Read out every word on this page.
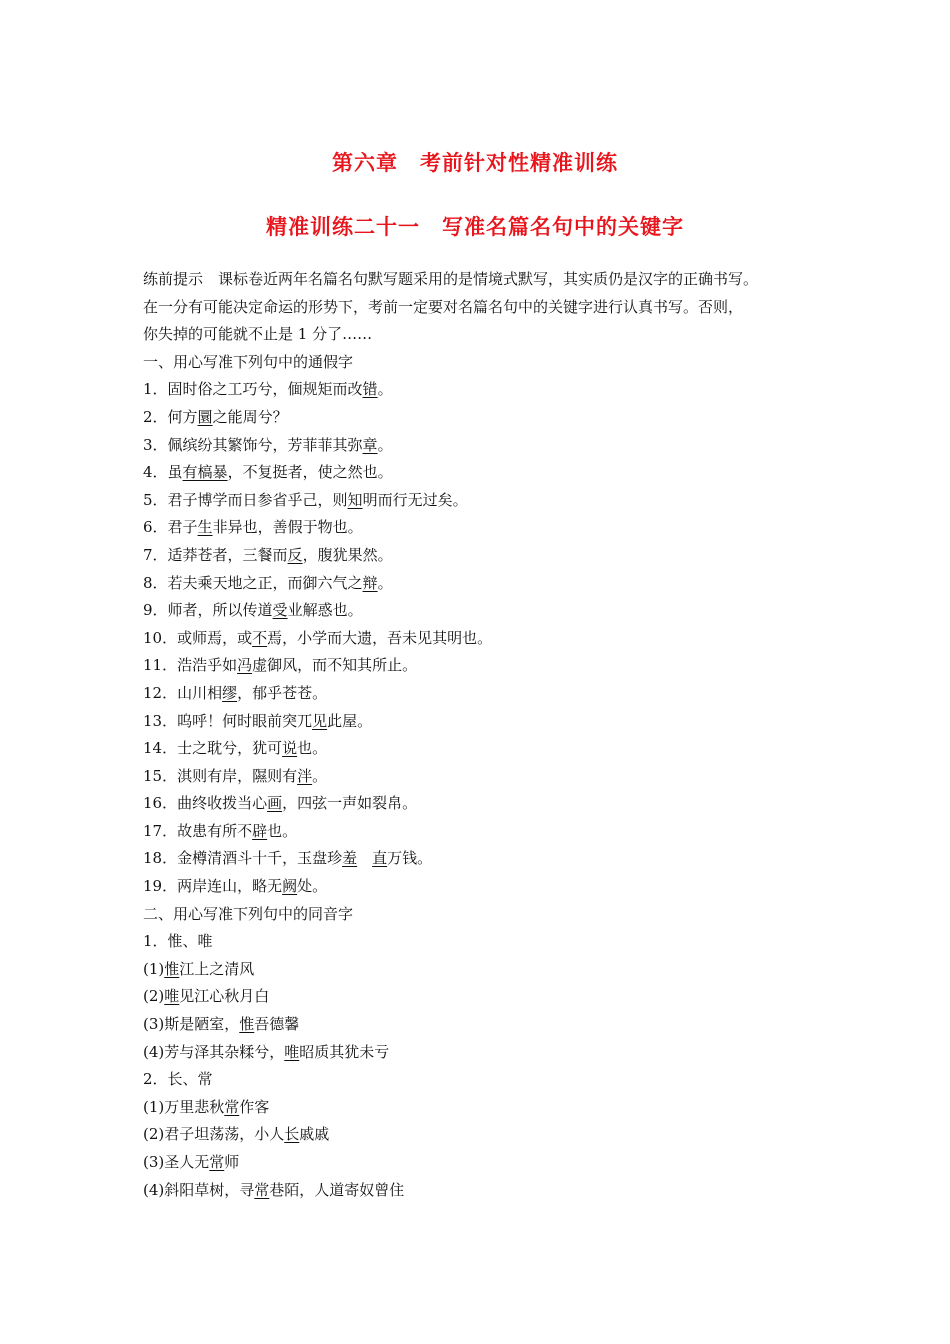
第六章　考前针对性精准训练
精准训练二十一　写准名篇名句中的关键字
练前提示　课标卷近两年名篇名句默写题采用的是情境式默写，其实质仍是汉字的正确书写。
在一分有可能决定命运的形势下，考前一定要对名篇名句中的关键字进行认真书写。否则，
你失掉的可能就不止是 1 分了……
一、用心写准下列句中的通假字
1．固时俗之工巧兮，偭规矩而改错。
2．何方圜之能周兮？
3．佩缤纷其繁饰兮，芳菲菲其弥章。
4．虽有槁暴，不复挺者，使之然也。
5．君子博学而日参省乎己，则知明而行无过矣。
6．君子生非异也，善假于物也。
7．适莽苍者，三餐而反，腹犹果然。
8．若夫乘天地之正，而御六气之辩。
9．师者，所以传道受业解惑也。
10．或师焉，或不焉，小学而大遗，吾未见其明也。
11．浩浩乎如冯虚御风，而不知其所止。
12．山川相缪，郁乎苍苍。
13．呜呼！何时眼前突兀见此屋。
14．士之耽兮，犹可说也。
15．淇则有岸，隰则有泮。
16．曲终收拨当心画，四弦一声如裂帛。
17．故患有所不辟也。
18．金樽清酒斗十千，玉盘珍羞　 直万钱。
19．两岸连山，略无阙处。
二、用心写准下列句中的同音字
1．惟、唯
(1)惟江上之清风
(2)唯见江心秋月白
(3)斯是陋室，惟吾德馨
(4)芳与泽其杂糅兮，唯昭质其犹未亏
2．长、常
(1)万里悲秋常作客
(2)君子坦荡荡，小人长戚戚
(3)圣人无常师
(4)斜阳草树，寻常巷陌，人道寄奴曾住
